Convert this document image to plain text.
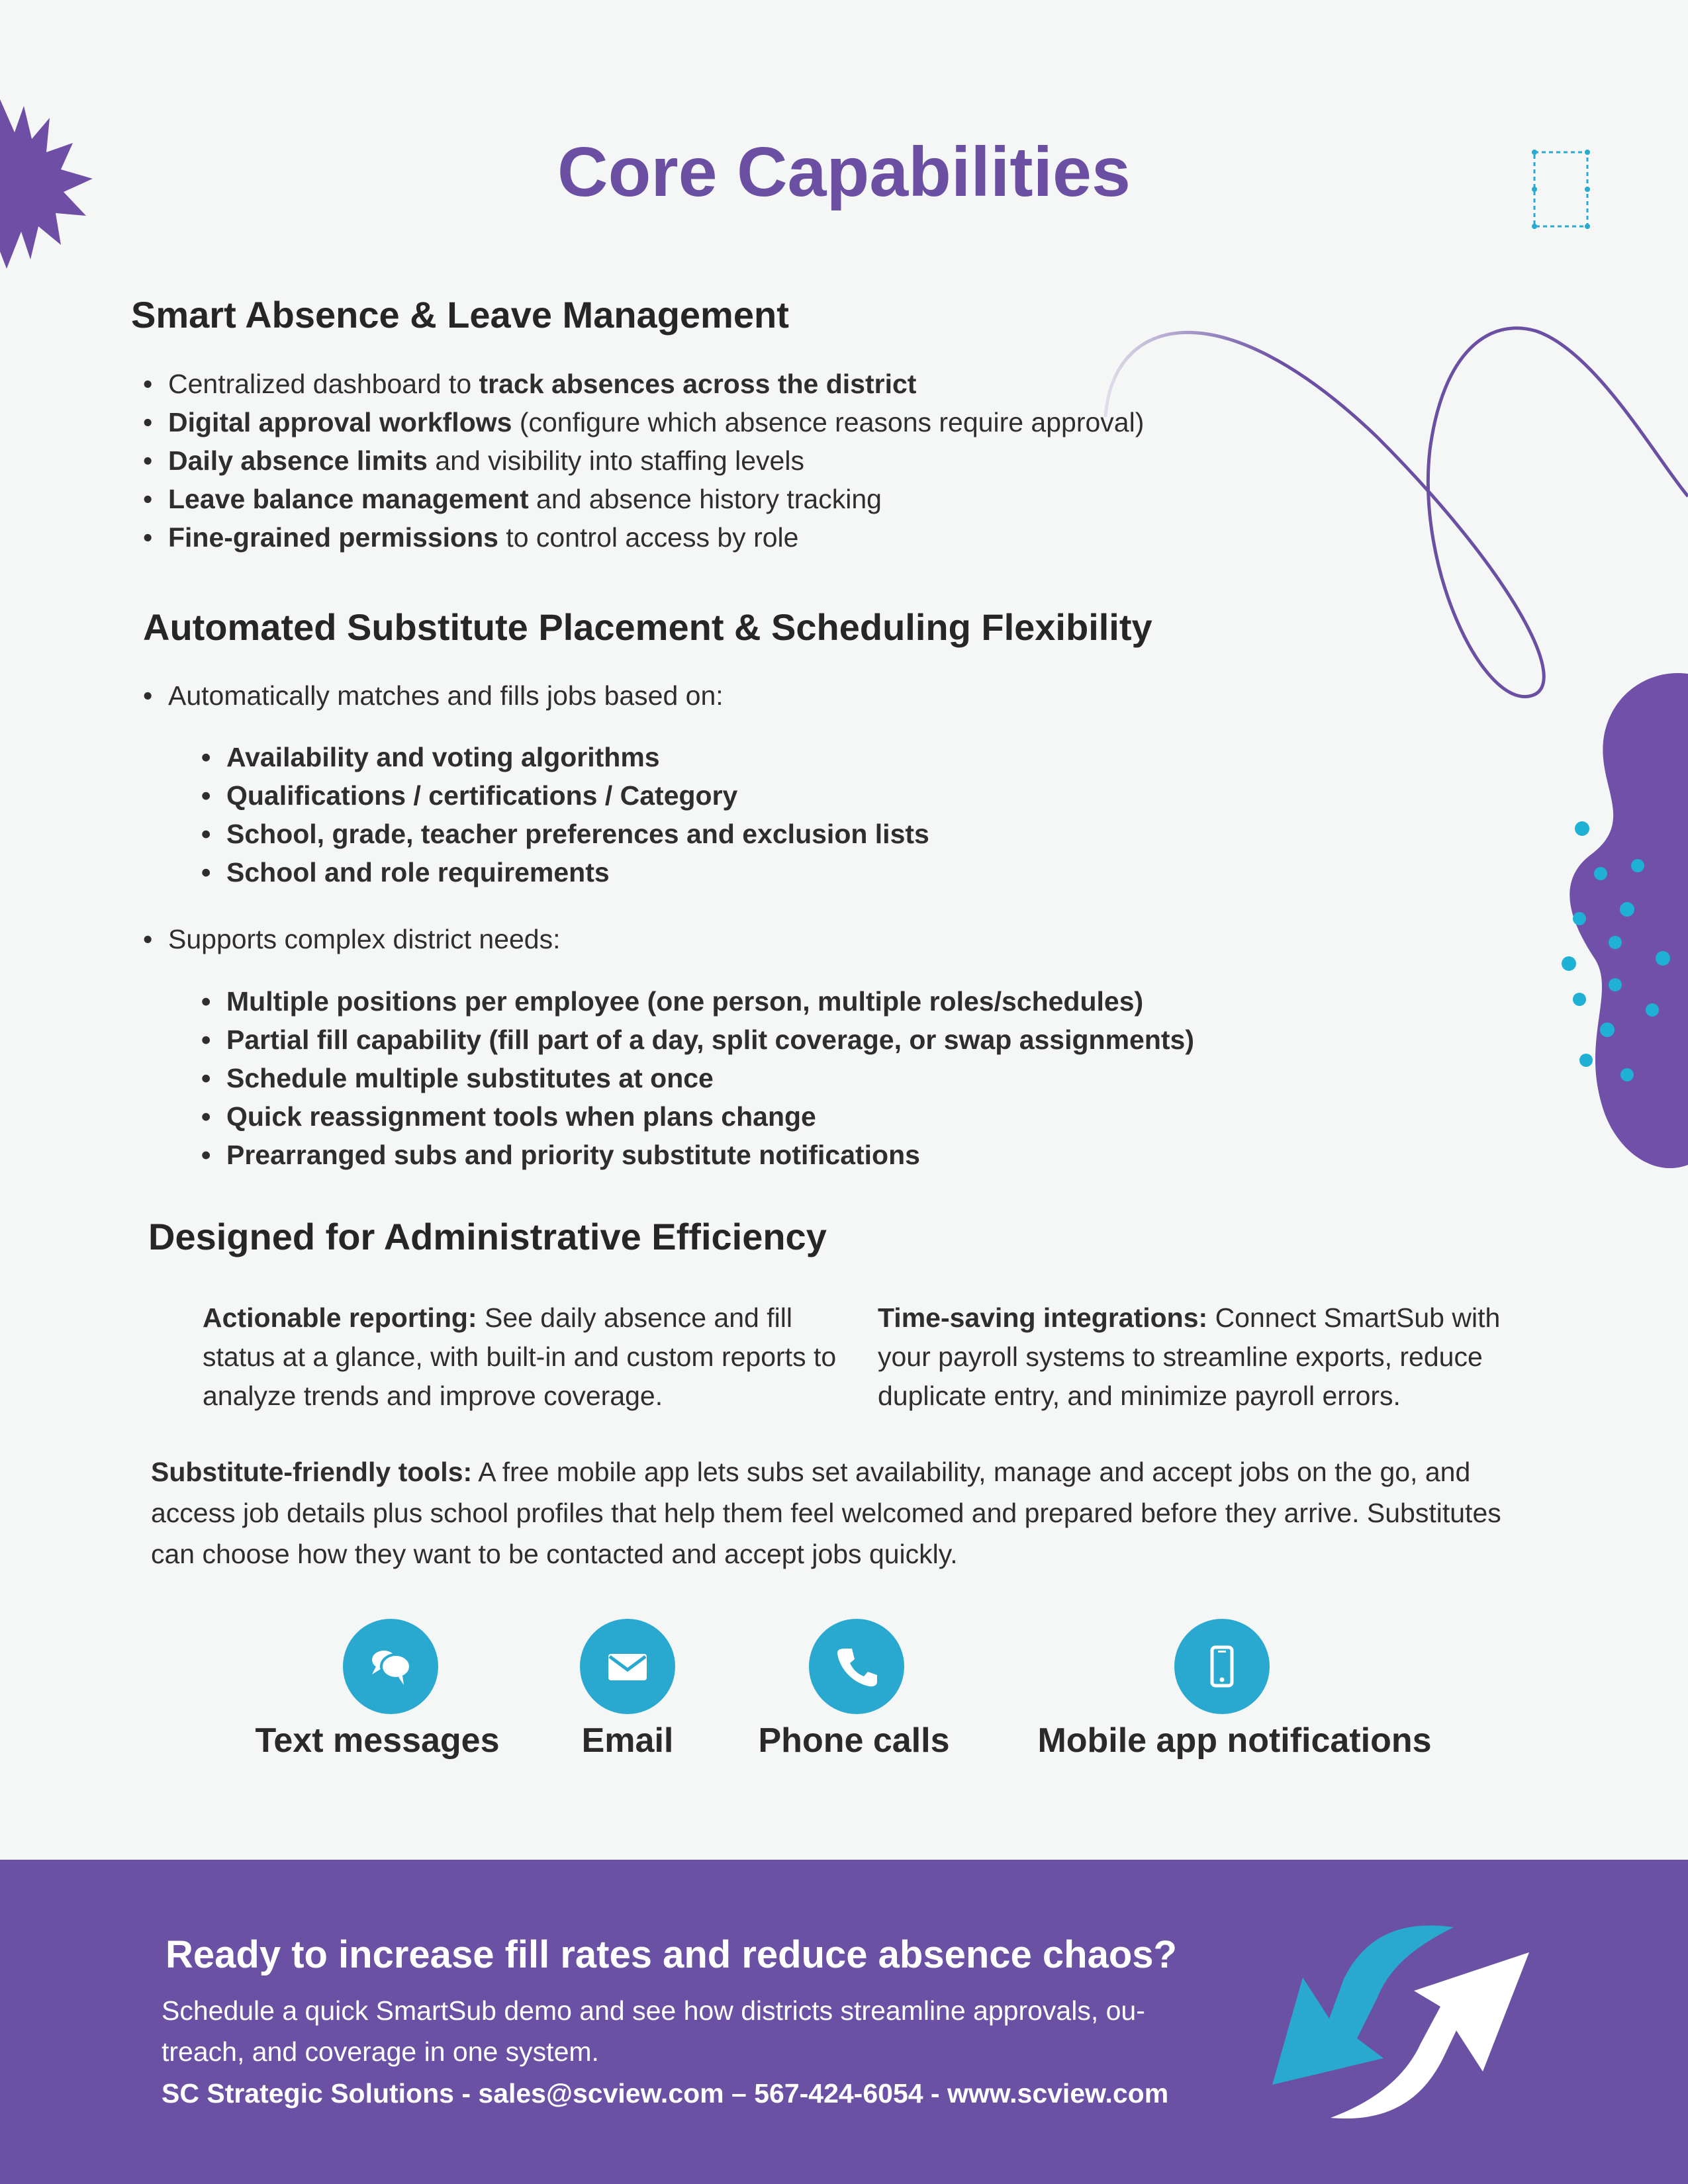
Core Capabilities
Smart Absence & Leave Management
• Centralized dashboard to track absences across the district
• Digital approval workflows (configure which absence reasons require approval)
• Daily absence limits and visibility into staffing levels
• Leave balance management and absence history tracking
• Fine-grained permissions to control access by role
Automated Substitute Placement & Scheduling Flexibility
• Automatically matches and fills jobs based on:
• Availability and voting algorithms
• Qualifications / certifications / Category
• School, grade, teacher preferences and exclusion lists
• School and role requirements
• Supports complex district needs:
• Multiple positions per employee (one person, multiple roles/schedules)
• Partial fill capability (fill part of a day, split coverage, or swap assignments)
• Schedule multiple substitutes at once
• Quick reassignment tools when plans change
• Prearranged subs and priority substitute notifications
Designed for Administrative Efficiency
Actionable reporting: See daily absence and fill status at a glance, with built-in and custom reports to analyze trends and improve coverage.
Time-saving integrations: Connect SmartSub with your payroll systems to streamline exports, reduce duplicate entry, and minimize payroll errors.
Substitute-friendly tools: A free mobile app lets subs set availability, manage and accept jobs on the go, and access job details plus school profiles that help them feel welcomed and prepared before they arrive. Substitutes can choose how they want to be contacted and accept jobs quickly.
Text messages	Email	Phone calls	Mobile app notifications
Ready to increase fill rates and reduce absence chaos?
Schedule a quick SmartSub demo and see how districts streamline approvals, ou-
treach, and coverage in one system.
SC Strategic Solutions - sales@scview.com – 567-424-6054 - www.scview.com
